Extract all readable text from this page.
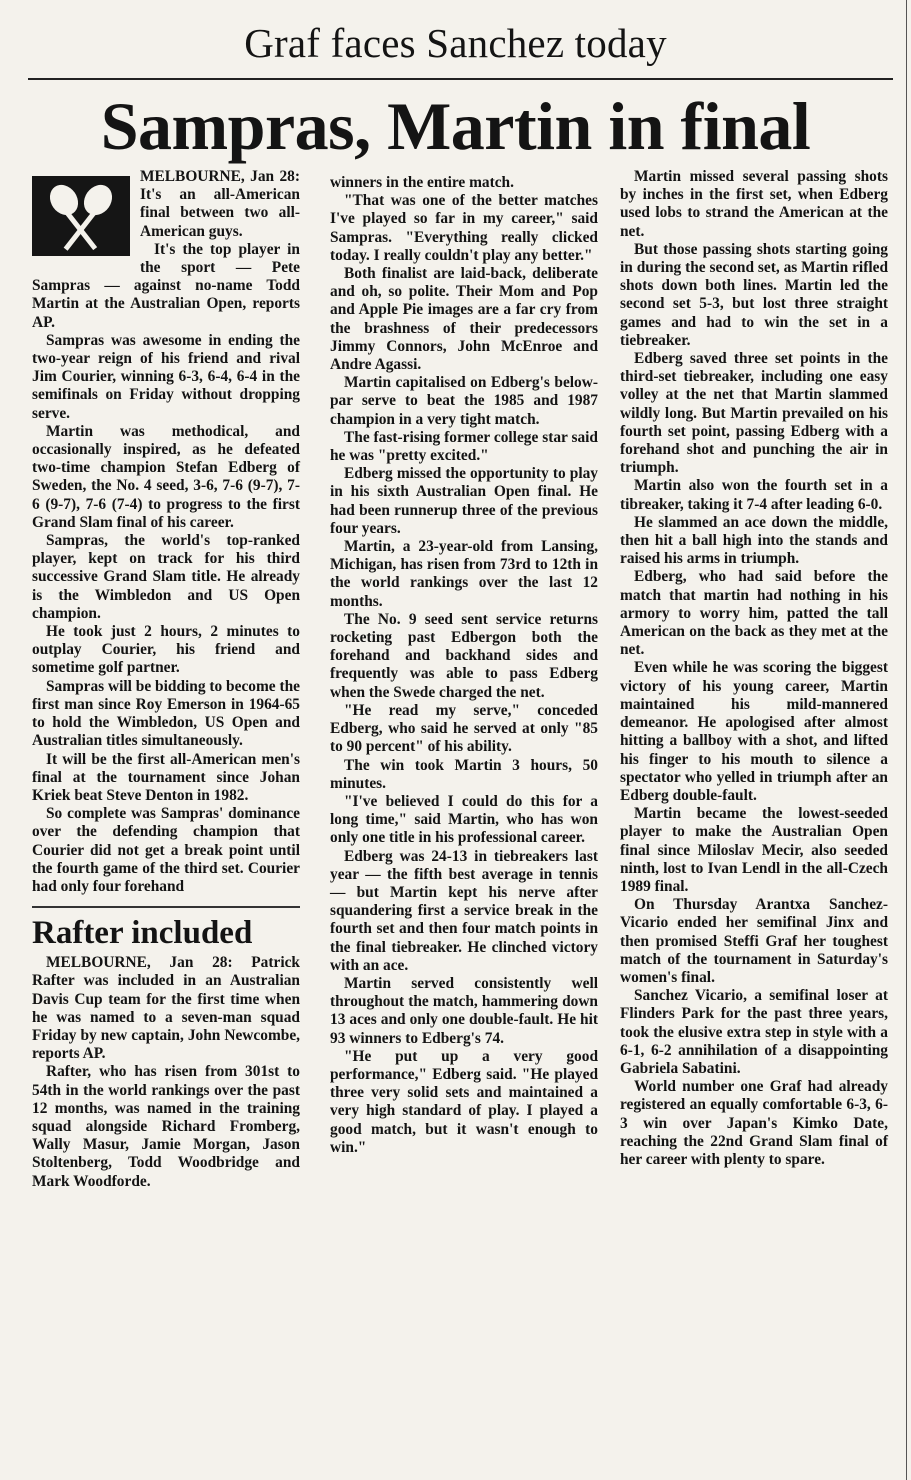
Graf faces Sanchez today
Sampras, Martin in final

MELBOURNE, Jan 28: It's an all-American final between two all-American guys.

It's the top player in the sport — Pete Sampras — against no-name Todd Martin at the Australian Open, reports AP.

Sampras was awesome in ending the two-year reign of his friend and rival Jim Courier, winning 6-3, 6-4, 6-4 in the semifinals on Friday without dropping serve.

Martin was methodical, and occasionally inspired, as he defeated two-time champion Stefan Edberg of Sweden, the No. 4 seed, 3-6, 7-6 (9-7), 7-6 (9-7), 7-6 (7-4) to progress to the first Grand Slam final of his career.

Sampras, the world's top-ranked player, kept on track for his third successive Grand Slam title. He already is the Wimbledon and US Open champion.

He took just 2 hours, 2 minutes to outplay Courier, his friend and sometime golf partner.

Sampras will be bidding to become the first man since Roy Emerson in 1964-65 to hold the Wimbledon, US Open and Australian titles simultaneously.

It will be the first all-American men's final at the tournament since Johan Kriek beat Steve Denton in 1982.

So complete was Sampras' dominance over the defending champion that Courier did not get a break point until the fourth game of the third set. Courier had only four forehand

Rafter included

MELBOURNE, Jan 28: Patrick Rafter was included in an Australian Davis Cup team for the first time when he was named to a seven-man squad Friday by new captain, John Newcombe, reports AP.

Rafter, who has risen from 301st to 54th in the world rankings over the past 12 months, was named in the training squad alongside Richard Fromberg, Wally Masur, Jamie Morgan, Jason Stoltenberg, Todd Woodbridge and Mark Woodforde.

winners in the entire match.

"That was one of the better matches I've played so far in my career," said Sampras. "Everything really clicked today. I really couldn't play any better."

Both finalist are laid-back, deliberate and oh, so polite. Their Mom and Pop and Apple Pie images are a far cry from the brashness of their predecessors Jimmy Connors, John McEnroe and Andre Agassi.

Martin capitalised on Edberg's below-par serve to beat the 1985 and 1987 champion in a very tight match.

The fast-rising former college star said he was "pretty excited."

Edberg missed the opportunity to play in his sixth Australian Open final. He had been runnerup three of the previous four years.

Martin, a 23-year-old from Lansing, Michigan, has risen from 73rd to 12th in the world rankings over the last 12 months.

The No. 9 seed sent service returns rocketing past Edbergon both the forehand and backhand sides and frequently was able to pass Edberg when the Swede charged the net.

"He read my serve," conceded Edberg, who said he served at only "85 to 90 percent" of his ability.

The win took Martin 3 hours, 50 minutes.

"I've believed I could do this for a long time," said Martin, who has won only one title in his professional career.

Edberg was 24-13 in tiebreakers last year — the fifth best average in tennis — but Martin kept his nerve after squandering first a service break in the fourth set and then four match points in the final tiebreaker. He clinched victory with an ace.

Martin served consistently well throughout the match, hammering down 13 aces and only one double-fault. He hit 93 winners to Edberg's 74.

"He put up a very good performance," Edberg said. "He played three very solid sets and maintained a very high standard of play. I played a good match, but it wasn't enough to win."

Martin missed several passing shots by inches in the first set, when Edberg used lobs to strand the American at the net.

But those passing shots starting going in during the second set, as Martin rifled shots down both lines. Martin led the second set 5-3, but lost three straight games and had to win the set in a tiebreaker.

Edberg saved three set points in the third-set tiebreaker, including one easy volley at the net that Martin slammed wildly long. But Martin prevailed on his fourth set point, passing Edberg with a forehand shot and punching the air in triumph.

Martin also won the fourth set in a tibreaker, taking it 7-4 after leading 6-0.

He slammed an ace down the middle, then hit a ball high into the stands and raised his arms in triumph.

Edberg, who had said before the match that martin had nothing in his armory to worry him, patted the tall American on the back as they met at the net.

Even while he was scoring the biggest victory of his young career, Martin maintained his mild-mannered demeanor. He apologised after almost hitting a ballboy with a shot, and lifted his finger to his mouth to silence a spectator who yelled in triumph after an Edberg double-fault.

Martin became the lowest-seeded player to make the Australian Open final since Miloslav Mecir, also seeded ninth, lost to Ivan Lendl in the all-Czech 1989 final.

On Thursday Arantxa Sanchez-Vicario ended her semifinal Jinx and then promised Steffi Graf her toughest match of the tournament in Saturday's women's final.

Sanchez Vicario, a semifinal loser at Flinders Park for the past three years, took the elusive extra step in style with a 6-1, 6-2 annihilation of a disappointing Gabriela Sabatini.

World number one Graf had already registered an equally comfortable 6-3, 6-3 win over Japan's Kimko Date, reaching the 22nd Grand Slam final of her career with plenty to spare.
